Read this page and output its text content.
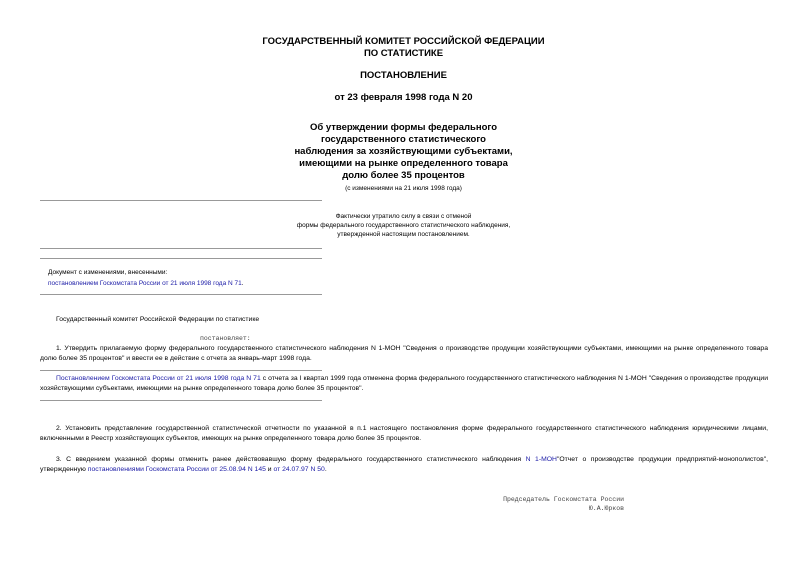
ГОСУДАРСТВЕННЫЙ КОМИТЕТ РОССИЙСКОЙ ФЕДЕРАЦИИ
ПО СТАТИСТИКЕ
ПОСТАНОВЛЕНИЕ
от 23 февраля 1998 года N 20
Об утверждении формы федерального
государственного статистического
наблюдения за хозяйствующими субъектами,
имеющими на рынке определенного товара
долю более 35 процентов
(с изменениями на 21 июля 1998 года)
Фактически утратило силу в связи с отменой
формы федерального государственного статистического наблюдения,
утвержденной настоящим постановлением.
Документ с изменениями, внесенными:
постановлением Госкомстата России от 21 июля 1998 года N 71.
Государственный комитет Российской Федерации по статистике
постановляет:
1. Утвердить прилагаемую форму федерального государственного статистического наблюдения N 1-МОН "Сведения о производстве продукции хозяйствующими субъектами, имеющими на рынке определенного товара долю более 35 процентов" и ввести ее в действие с отчета за январь-март 1998 года.
Постановлением Госкомстата России от 21 июля 1998 года N 71 с отчета за I квартал 1999 года отменена форма федерального государственного статистического наблюдения N 1-МОН "Сведения о производстве продукции хозяйствующими субъектами, имеющими на рынке определенного товара долю более 35 процентов".
2. Установить представление государственной статистической отчетности по указанной в п.1 настоящего постановления форме федерального государственного статистического наблюдения юридическими лицами, включенными в Реестр хозяйствующих субъектов, имеющих на рынке определенного товара долю более 35 процентов.
3. С введением указанной формы отменить ранее действовавшую форму федерального государственного статистического наблюдения N 1-МОН"Отчет о производстве продукции предприятий-монополистов", утвержденную постановлениями Госкомстата России от 25.08.94 N 145 и от 24.07.97 N 50.
Председатель Госкомстата России
Ю.А.Юрков
